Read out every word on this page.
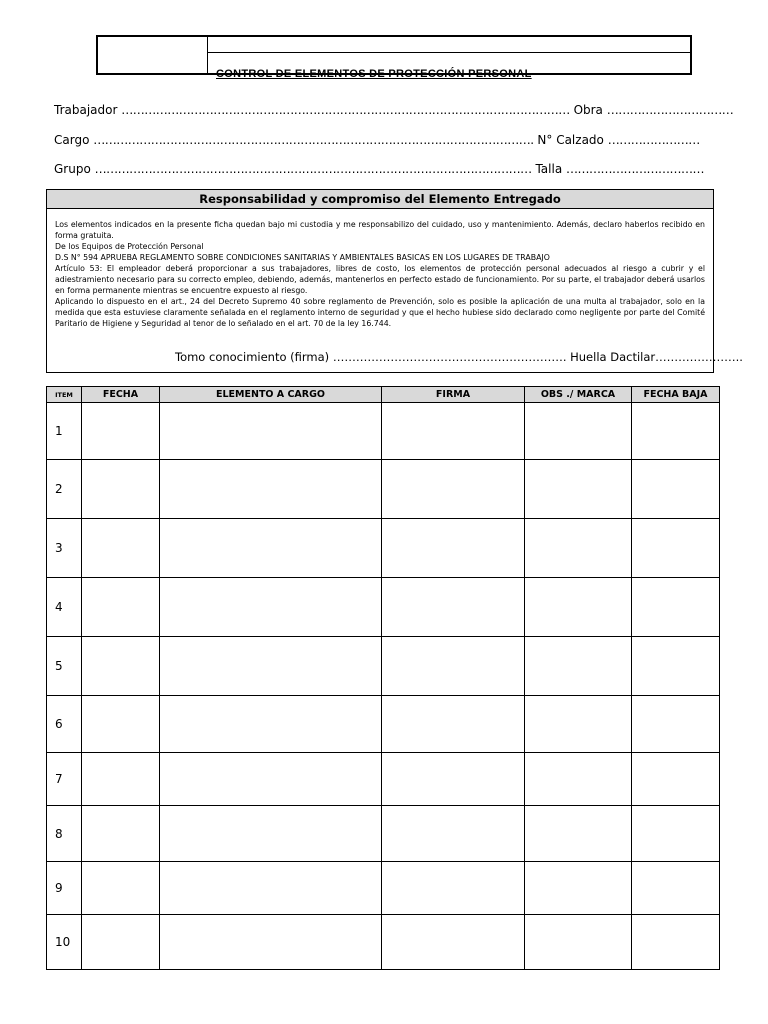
CONTROL DE ELEMENTOS DE PROTECCIÓN PERSONAL
Trabajador ……………………………………………………………………………………………………… Obra ……………………………
Cargo ……………………………………………………………………………………………………. N° Calzado ……………………
Grupo …………………………………………………………………………………………………… Talla ………………………………
Responsabilidad y compromiso del Elemento Entregado

Los elementos indicados en la presente ficha quedan bajo mi custodia y me responsabilizo del cuidado, uso y mantenimiento. Además, declaro haberlos recibido en forma gratuita.

De los Equipos de Protección Personal

D.S N° 594 APRUEBA REGLAMENTO SOBRE CONDICIONES SANITARIAS Y AMBIENTALES BASICAS EN LOS LUGARES DE TRABAJO

Artículo 53: El empleador deberá proporcionar a sus trabajadores, libres de costo, los elementos de protección personal adecuados al riesgo a cubrir y el adiestramiento necesario para su correcto empleo, debiendo, además, mantenerlos en perfecto estado de funcionamiento. Por su parte, el trabajador deberá usarlos en forma permanente mientras se encuentre expuesto al riesgo.

Aplicando lo dispuesto en el art., 24 del Decreto Supremo 40 sobre reglamento de Prevención, solo es posible la aplicación de una multa al trabajador, solo en la medida que esta estuviese claramente señalada en el reglamento interno de seguridad y que el hecho hubiese sido declarado como negligente por parte del Comité Paritario de Higiene y Seguridad al tenor de lo señalado en el art. 70 de la ley 16.744.

Tomo conocimiento (firma) ……………………………………………………. Huella Dactilar…………………..
ITEM	FECHA	ELEMENTO A CARGO	FIRMA	OBS ./ MARCA	FECHA BAJA
1					
2					
3					
4					
5					
6					
7					
8					
9					
10					
